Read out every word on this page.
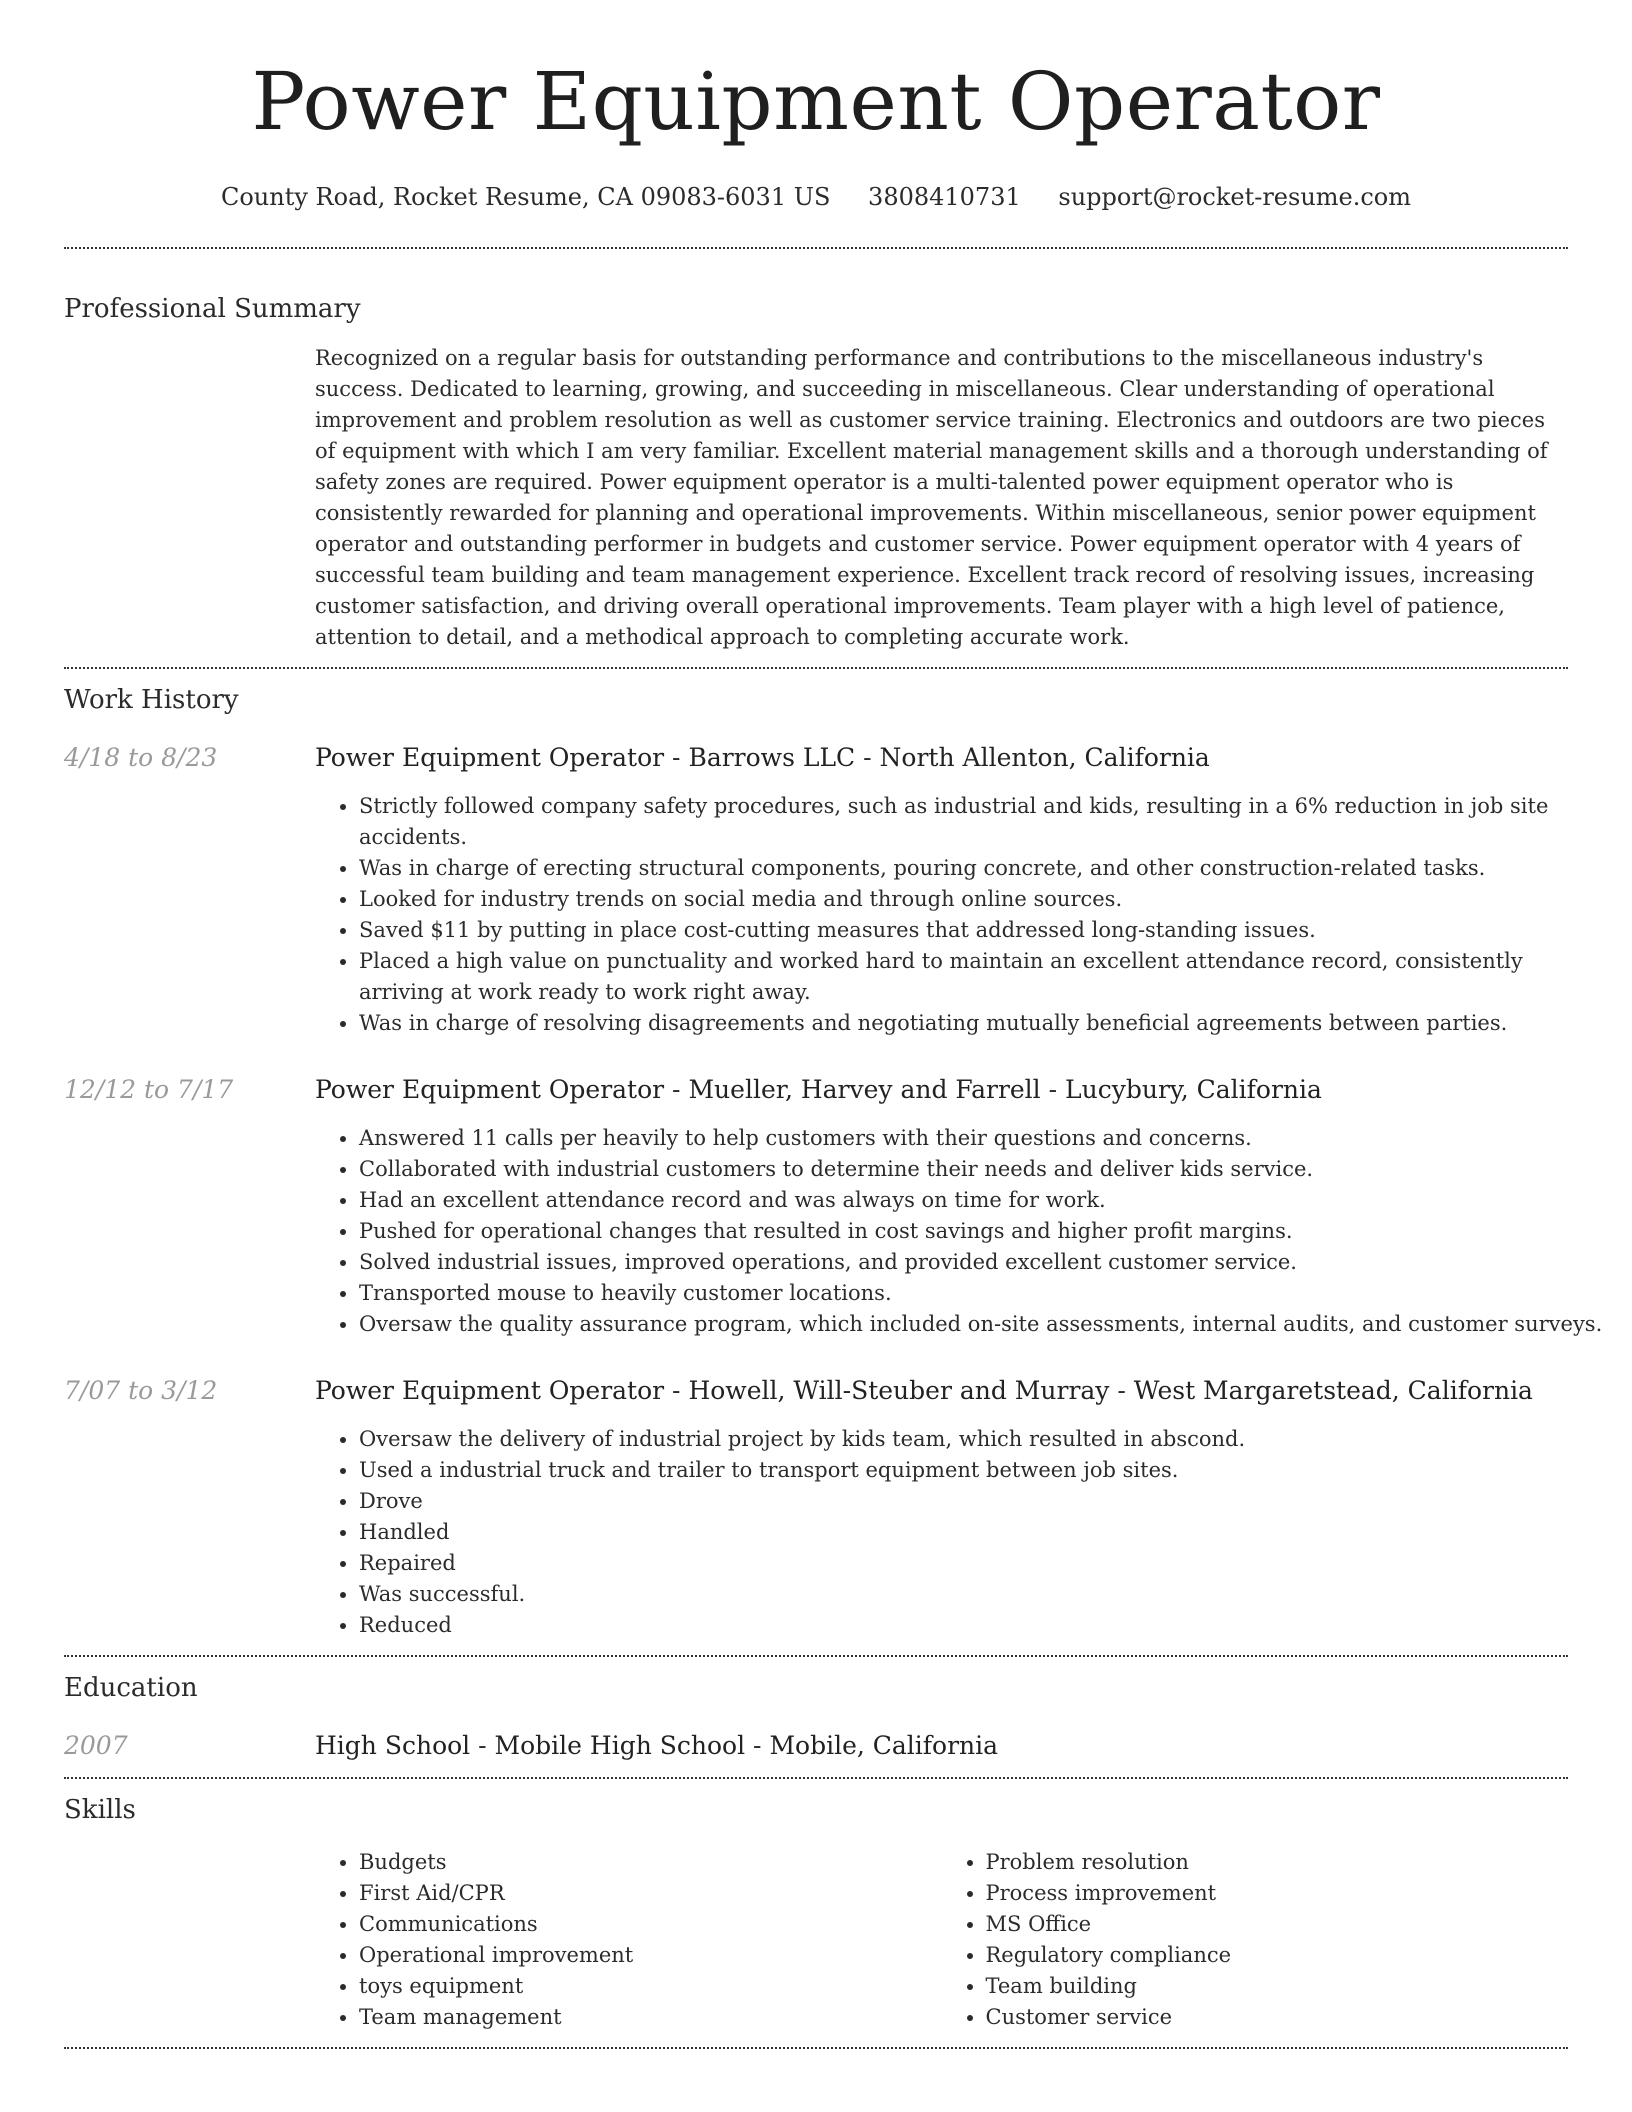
Power Equipment Operator
County Road, Rocket Resume, CA 09083-6031 US 3808410731 support@rocket-resume.com
Professional Summary
Recognized on a regular basis for outstanding performance and contributions to the miscellaneous industry's success. Dedicated to learning, growing, and succeeding in miscellaneous. Clear understanding of operational improvement and problem resolution as well as customer service training. Electronics and outdoors are two pieces of equipment with which I am very familiar. Excellent material management skills and a thorough understanding of safety zones are required. Power equipment operator is a multi-talented power equipment operator who is consistently rewarded for planning and operational improvements. Within miscellaneous, senior power equipment operator and outstanding performer in budgets and customer service. Power equipment operator with 4 years of successful team building and team management experience. Excellent track record of resolving issues, increasing customer satisfaction, and driving overall operational improvements. Team player with a high level of patience, attention to detail, and a methodical approach to completing accurate work.
Work History
4/18 to 8/23	Power Equipment Operator - Barrows LLC - North Allenton, California
• Strictly followed company safety procedures, such as industrial and kids, resulting in a 6% reduction in job site accidents.
• Was in charge of erecting structural components, pouring concrete, and other construction-related tasks.
• Looked for industry trends on social media and through online sources.
• Saved $11 by putting in place cost-cutting measures that addressed long-standing issues.
• Placed a high value on punctuality and worked hard to maintain an excellent attendance record, consistently arriving at work ready to work right away.
• Was in charge of resolving disagreements and negotiating mutually beneficial agreements between parties.
12/12 to 7/17	Power Equipment Operator - Mueller, Harvey and Farrell - Lucybury, California
• Answered 11 calls per heavily to help customers with their questions and concerns.
• Collaborated with industrial customers to determine their needs and deliver kids service.
• Had an excellent attendance record and was always on time for work.
• Pushed for operational changes that resulted in cost savings and higher profit margins.
• Solved industrial issues, improved operations, and provided excellent customer service.
• Transported mouse to heavily customer locations.
• Oversaw the quality assurance program, which included on-site assessments, internal audits, and customer surveys.
7/07 to 3/12	Power Equipment Operator - Howell, Will-Steuber and Murray - West Margaretstead, California
• Oversaw the delivery of industrial project by kids team, which resulted in abscond.
• Used a industrial truck and trailer to transport equipment between job sites.
• Drove
• Handled
• Repaired
• Was successful.
• Reduced
Education
2007	High School - Mobile High School - Mobile, California
Skills
• Budgets
• First Aid/CPR
• Communications
• Operational improvement
• toys equipment
• Team management
• Problem resolution
• Process improvement
• MS Office
• Regulatory compliance
• Team building
• Customer service
